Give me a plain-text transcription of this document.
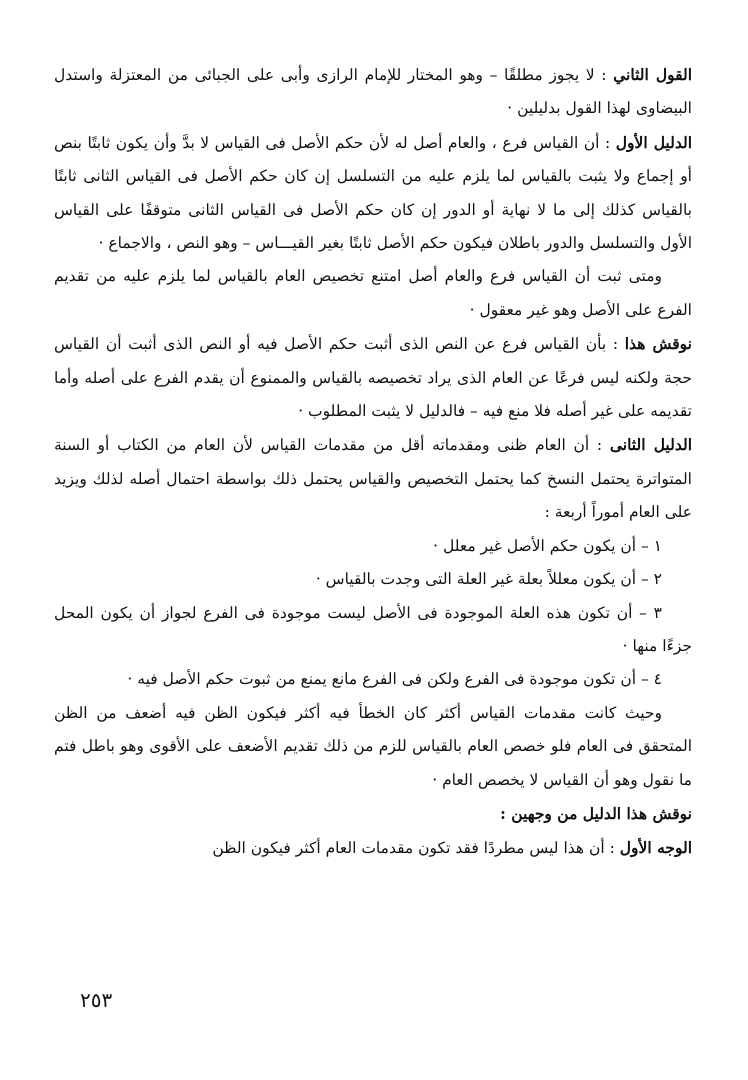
القول الثاني : لا يجوز مطلقًا – وهو المختار للإمام الرازى وأبى على الجبائى من المعتزلة واستدل البيضاوى لهذا القول بدليلين ·

الدليل الأول : أن القياس فرع ، والعام أصل له لأن حكم الأصل فى القياس لا بدَّ وأن يكون ثابتًا بنص أو إجماع ولا يثبت بالقياس لما يلزم عليه من التسلسل إن كان حكم الأصل فى القياس الثانى ثابتًا بالقياس كذلك إلى ما لا نهاية أو الدور إن كان حكم الأصل فى القياس الثانى متوقفًا على القياس الأول والتسلسل والدور باطلان فيكون حكم الأصل ثابتًا بغير القيـــاس – وهو النص ، والاجماع ·

ومتى ثبت أن القياس فرع والعام أصل امتنع تخصيص العام بالقياس لما يلزم عليه من تقديم الفرع على الأصل وهو غير معقول ·

نوقش هذا : بأن القياس فرع عن النص الذى أثبت حكم الأصل فيه أو النص الذى أثبت أن القياس حجة ولكنه ليس فرعًا عن العام الذى يراد تخصيصه بالقياس والممنوع أن يقدم الفرع على أصله وأما تقديمه على غير أصله فلا منع فيه – فالدليل لا يثبت المطلوب ·

الدليل الثانى : أن العام ظنى ومقدماته أقل من مقدمات القياس لأن العام من الكتاب أو السنة المتواترة يحتمل النسخ كما يحتمل التخصيص والقياس يحتمل ذلك بواسطة احتمال أصله لذلك ويزيد على العام أموراً أربعة :

١ – أن يكون حكم الأصل غير معلل ·

٢ – أن يكون معللاً بعلة غير العلة التى وجدت بالقياس ·

٣ – أن تكون هذه العلة الموجودة فى الأصل ليست موجودة فى الفرع لجواز أن يكون المحل جزءًا منها ·

٤ – أن تكون موجودة فى الفرع ولكن فى الفرع مانع يمنع من ثبوت حكم الأصل فيه ·

وحيث كانت مقدمات القياس أكثر كان الخطأ فيه أكثر فيكون الظن فيه أضعف من الظن المتحقق فى العام فلو خصص العام بالقياس للزم من ذلك تقديم الأضعف على الأقوى وهو باطل فتم ما نقول وهو أن القياس لا يخصص العام ·

نوقش هذا الدليل من وجهين :

الوجه الأول : أن هذا ليس مطردًا فقد تكون مقدمات العام أكثر فيكون الظن

٢٥٣
